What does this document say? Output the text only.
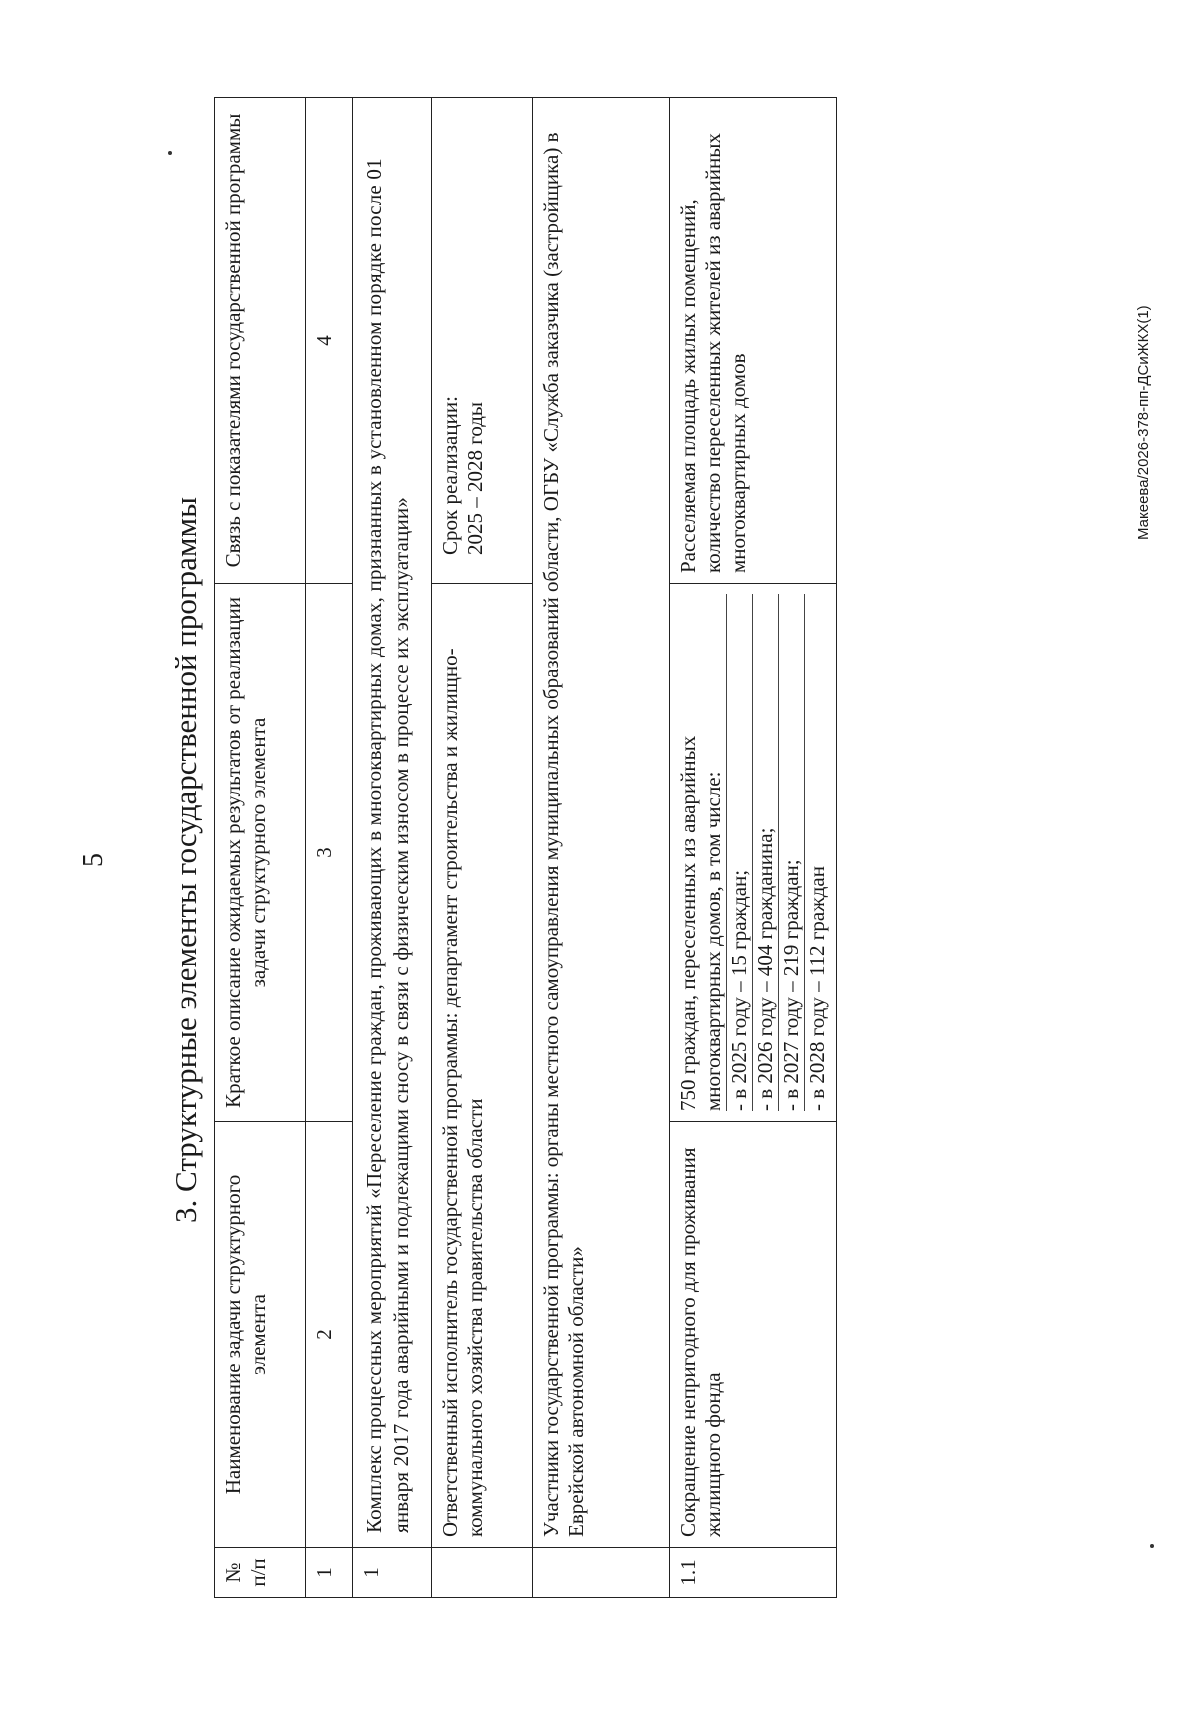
5 3. Структурные элементы государственной программы
№ п/п	Наименование задачи структурного элемента	Краткое описание ожидаемых результатов от реализации задачи структурного элемента	Связь с показателями государственной программы
1	2	3	4
1	Комплекс процессных мероприятий «Переселение граждан, проживающих в многоквартирных домах, признанных в установленном порядке после 01 января 2017 года аварийными и подлежащими сносу в связи с физическим износом в процессе их эксплуатации»		
	Ответственный исполнитель государственной программы: департамент строительства и жилищно-коммунального хозяйства правительства области		Срок реализации: 2025 – 2028 годы

	Участники государственной программы: органы местного самоуправления муниципальных образований области, ОГБУ «Служба заказчика (застройщика) в Еврейской автономной области»		
1.1	Сокращение непригодного для проживания жилищного фонда	750 граждан, переселенных из аварийных многоквартирных домов, в том числе: - в 2025 году – 15 граждан; - в 2026 году – 404 гражданина; - в 2027 году – 219 граждан; - в 2028 году – 112 граждан	Расселяемая площадь жилых помещений, количество переселенных жителей из аварийных многоквартирных домов	Макеева/2026-378-пп-ДСиЖКХ(1)
